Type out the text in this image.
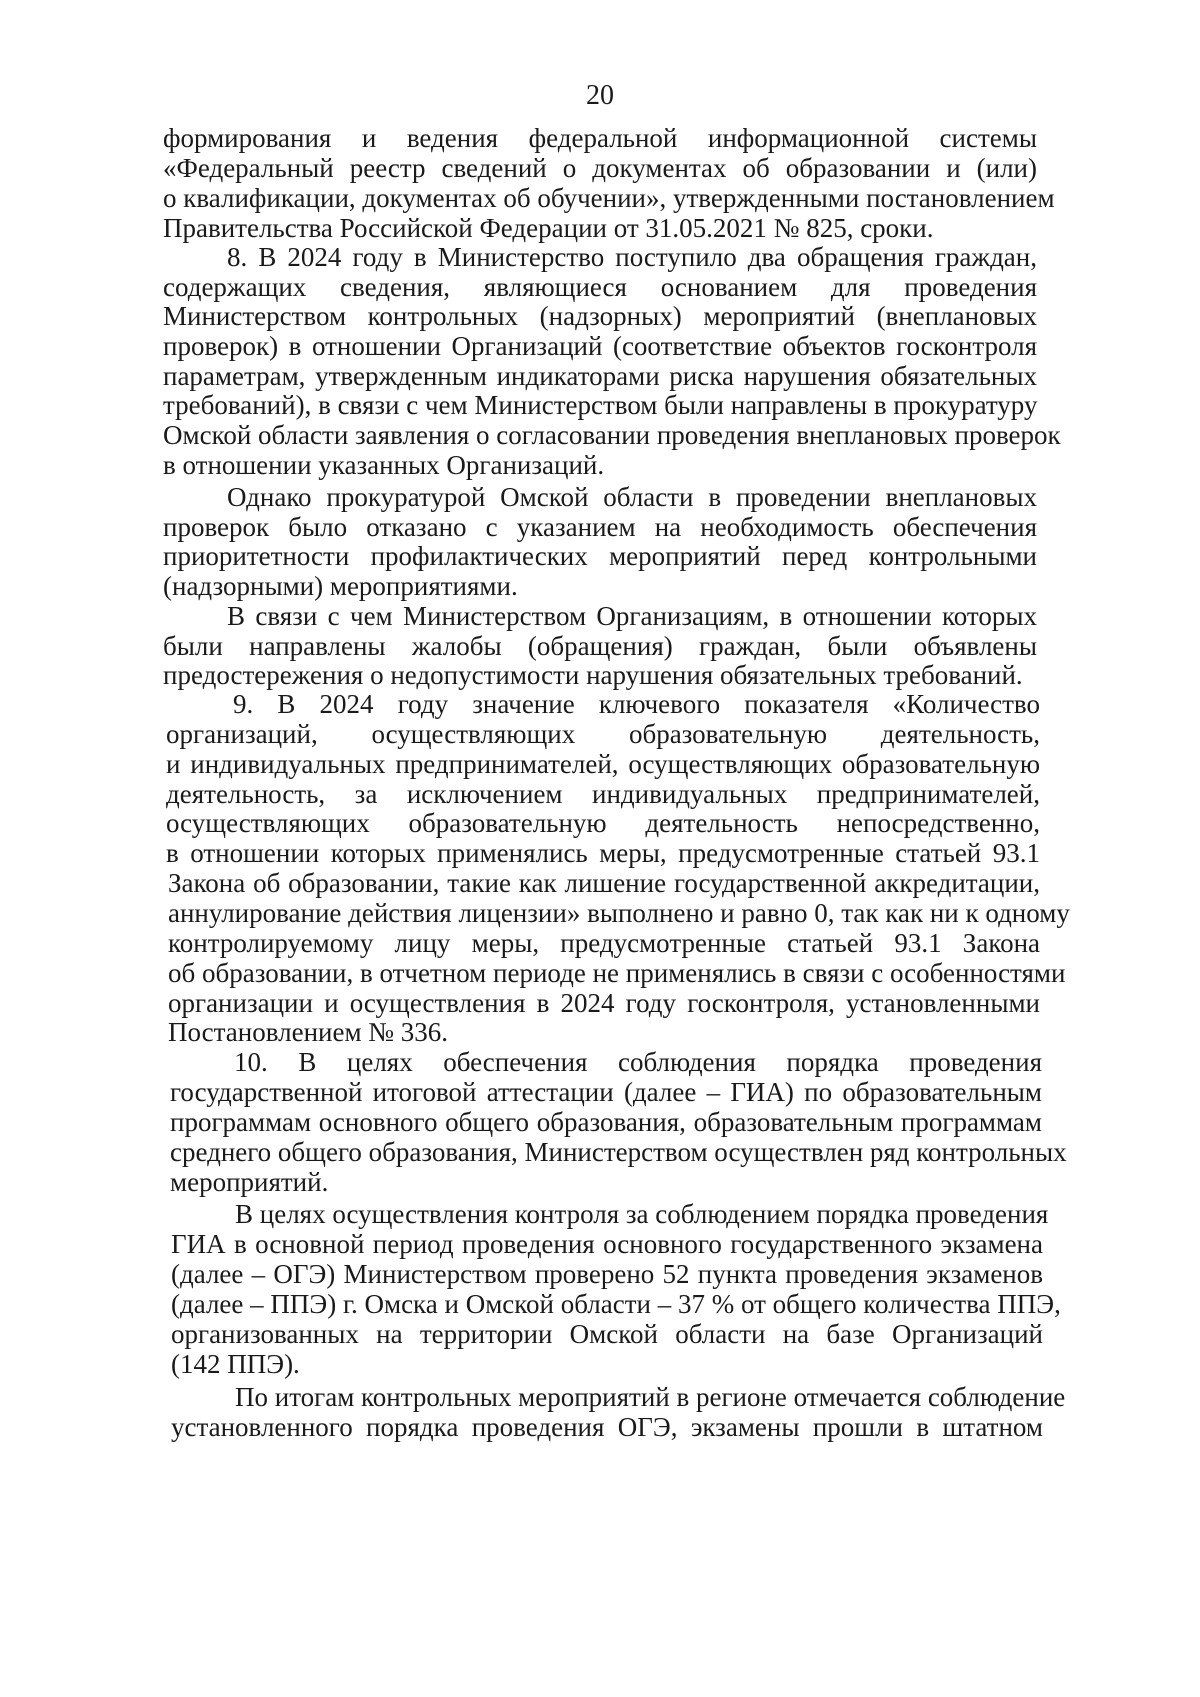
20
формирования и ведения федеральной информационной системы
«Федеральный реестр сведений о документах об образовании и (или)
о квалификации, документах об обучении», утвержденными постановлением
Правительства Российской Федерации от 31.05.2021 № 825, сроки.
8. В 2024 году в Министерство поступило два обращения граждан,
содержащих сведения, являющиеся основанием для проведения
Министерством контрольных (надзорных) мероприятий (внеплановых
проверок) в отношении Организаций (соответствие объектов госконтроля
параметрам, утвержденным индикаторами риска нарушения обязательных
требований), в связи с чем Министерством были направлены в прокуратуру
Омской области заявления о согласовании проведения внеплановых проверок
в отношении указанных Организаций.
Однако прокуратурой Омской области в проведении внеплановых
проверок было отказано с указанием на необходимость обеспечения
приоритетности профилактических мероприятий перед контрольными
(надзорными) мероприятиями.
В связи с чем Министерством Организациям, в отношении которых
были направлены жалобы (обращения) граждан, были объявлены
предостережения о недопустимости нарушения обязательных требований.
9. В 2024 году значение ключевого показателя «Количество
организаций, осуществляющих образовательную деятельность,
и индивидуальных предпринимателей, осуществляющих образовательную
деятельность, за исключением индивидуальных предпринимателей,
осуществляющих образовательную деятельность непосредственно,
в отношении которых применялись меры, предусмотренные статьей 93.1
Закона об образовании, такие как лишение государственной аккредитации,
аннулирование действия лицензии» выполнено и равно 0, так как ни к одному
контролируемому лицу меры, предусмотренные статьей 93.1 Закона
об образовании, в отчетном периоде не применялись в связи с особенностями
организации и осуществления в 2024 году госконтроля, установленными
Постановлением № 336.
10. В целях обеспечения соблюдения порядка проведения
государственной итоговой аттестации (далее – ГИА) по образовательным
программам основного общего образования, образовательным программам
среднего общего образования, Министерством осуществлен ряд контрольных
мероприятий.
В целях осуществления контроля за соблюдением порядка проведения
ГИА в основной период проведения основного государственного экзамена
(далее – ОГЭ) Министерством проверено 52 пункта проведения экзаменов
(далее – ППЭ) г. Омска и Омской области – 37 % от общего количества ППЭ,
организованных на территории Омской области на базе Организаций
(142 ППЭ).
По итогам контрольных мероприятий в регионе отмечается соблюдение
установленного порядка проведения ОГЭ, экзамены прошли в штатном
